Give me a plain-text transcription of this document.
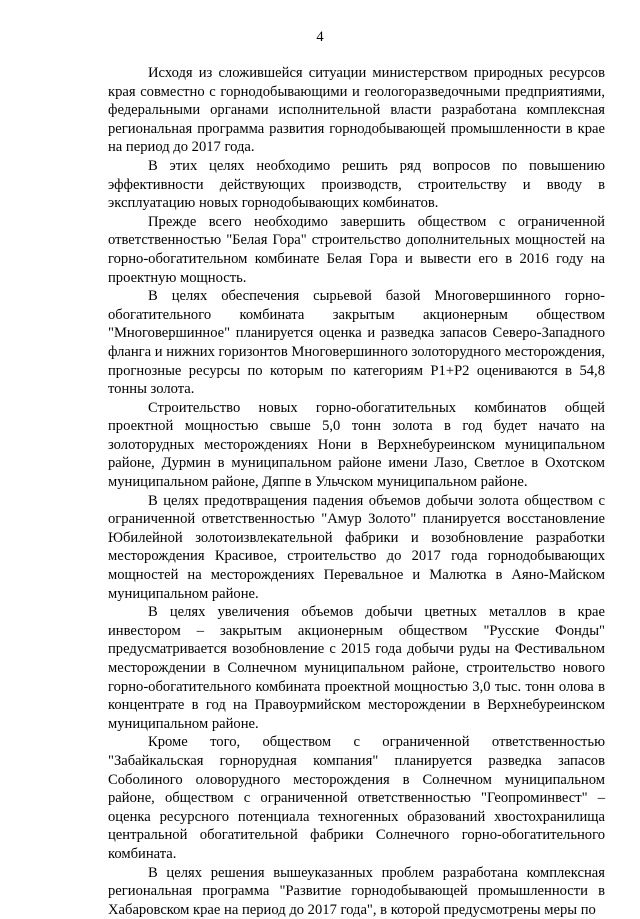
4

Исходя из сложившейся ситуации министерством природных ресурсов края совместно с горнодобывающими и геологоразведочными предприятиями, федеральными органами исполнительной власти разработана комплексная региональная программа развития горнодобывающей промышленности в крае на период до 2017 года.

В этих целях необходимо решить ряд вопросов по повышению эффективности действующих производств, строительству и вводу в эксплуатацию новых горнодобывающих комбинатов.

Прежде всего необходимо завершить обществом с ограниченной ответственностью "Белая Гора" строительство дополнительных мощностей на горно-обогатительном комбинате Белая Гора и вывести его в 2016 году на проектную мощность.

В целях обеспечения сырьевой базой Многовершинного горно-обогатительного комбината закрытым акционерным обществом "Многовершинное" планируется оценка и разведка запасов Северо-Западного фланга и нижних горизонтов Многовершинного золоторудного месторождения, прогнозные ресурсы по которым по категориям Р1+Р2 оцениваются в 54,8 тонны золота.

Строительство новых горно-обогатительных комбинатов общей проектной мощностью свыше 5,0 тонн золота в год будет начато на золоторудных месторождениях Нони в Верхнебуреинском муниципальном районе, Дурмин в муниципальном районе имени Лазо, Светлое в Охотском муниципальном районе, Дяппе в Ульчском муниципальном районе.

В целях предотвращения падения объемов добычи золота обществом с ограниченной ответственностью "Амур Золото" планируется восстановление Юбилейной золотоизвлекательной фабрики и возобновление разработки месторождения Красивое, строительство до 2017 года горнодобывающих мощностей на месторождениях Перевальное и Малютка в Аяно-Майском муниципальном районе.

В целях увеличения объемов добычи цветных металлов в крае инвестором – закрытым акционерным обществом "Русские Фонды" предусматривается возобновление с 2015 года добычи руды на Фестивальном месторождении в Солнечном муниципальном районе, строительство нового горно-обогатительного комбината проектной мощностью 3,0 тыс. тонн олова в концентрате в год на Правоурмийском месторождении в Верхнебуреинском муниципальном районе.

Кроме того, обществом с ограниченной ответственностью "Забайкальская горнорудная компания" планируется разведка запасов Соболиного оловорудного месторождения в Солнечном муниципальном районе, обществом с ограниченной ответственностью "Геопроминвест" – оценка ресурсного потенциала техногенных образований хвостохранилища центральной обогатительной фабрики Солнечного горно-обогатительного комбината.

В целях решения вышеуказанных проблем разработана комплексная региональная программа "Развитие горнодобывающей промышленности в Хабаровском крае на период до 2017 года", в которой предусмотрены меры по
